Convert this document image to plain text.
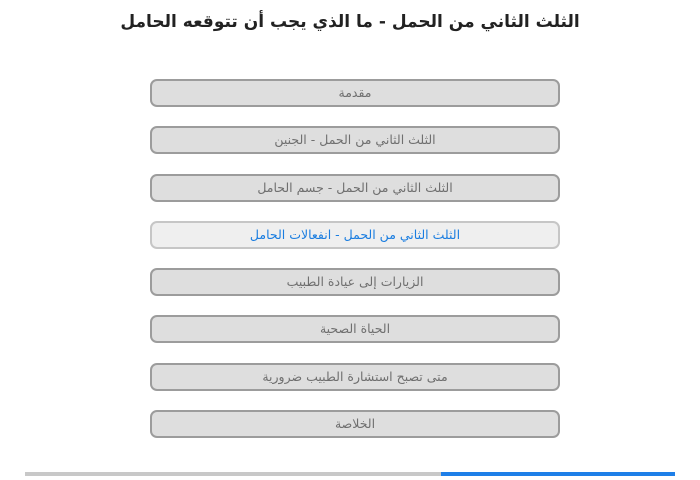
الثلث الثاني من الحمل - ما الذي يجب أن تتوقعه الحامل
مقدمة
الثلث الثاني من الحمل - الجنين
الثلث الثاني من الحمل - جسم الحامل
الثلث الثاني من الحمل - انفعالات الحامل
الزيارات إلى عيادة الطبيب
الحياة الصحية
متى تصبح استشارة الطبيب ضرورية
الخلاصة
